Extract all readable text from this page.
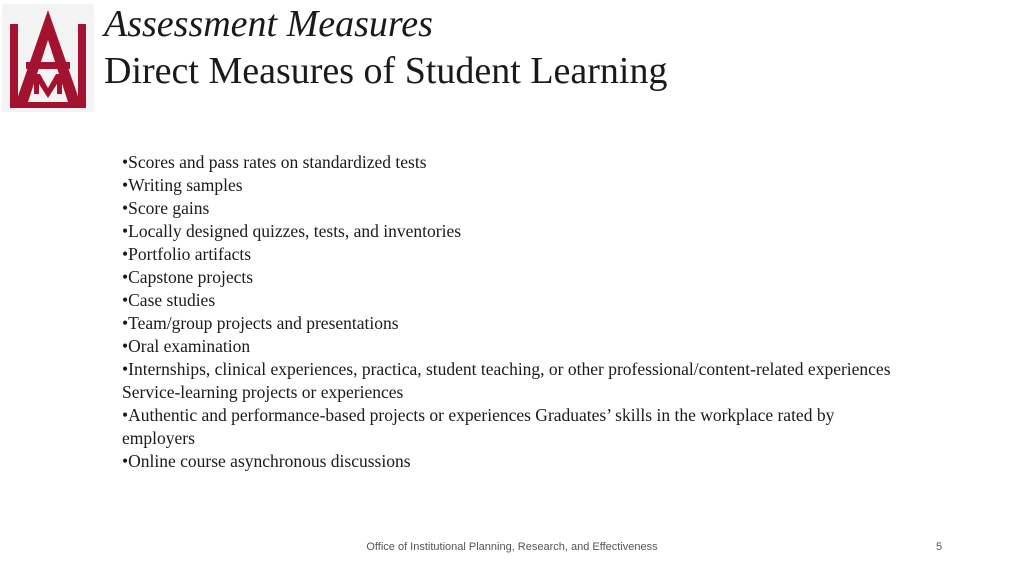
Assessment Measures
Direct Measures of Student Learning
•Scores and pass rates on standardized tests
•Writing samples
•Score gains
•Locally designed quizzes, tests, and inventories
•Portfolio artifacts
•Capstone projects
•Case studies
•Team/group projects and presentations
•Oral examination
•Internships, clinical experiences, practica, student teaching, or other professional/content-related experiences Service-learning projects or experiences
•Authentic and performance-based projects or experiences Graduates’ skills in the workplace rated by employers
•Online course asynchronous discussions
Office of Institutional Planning, Research, and Effectiveness	5
